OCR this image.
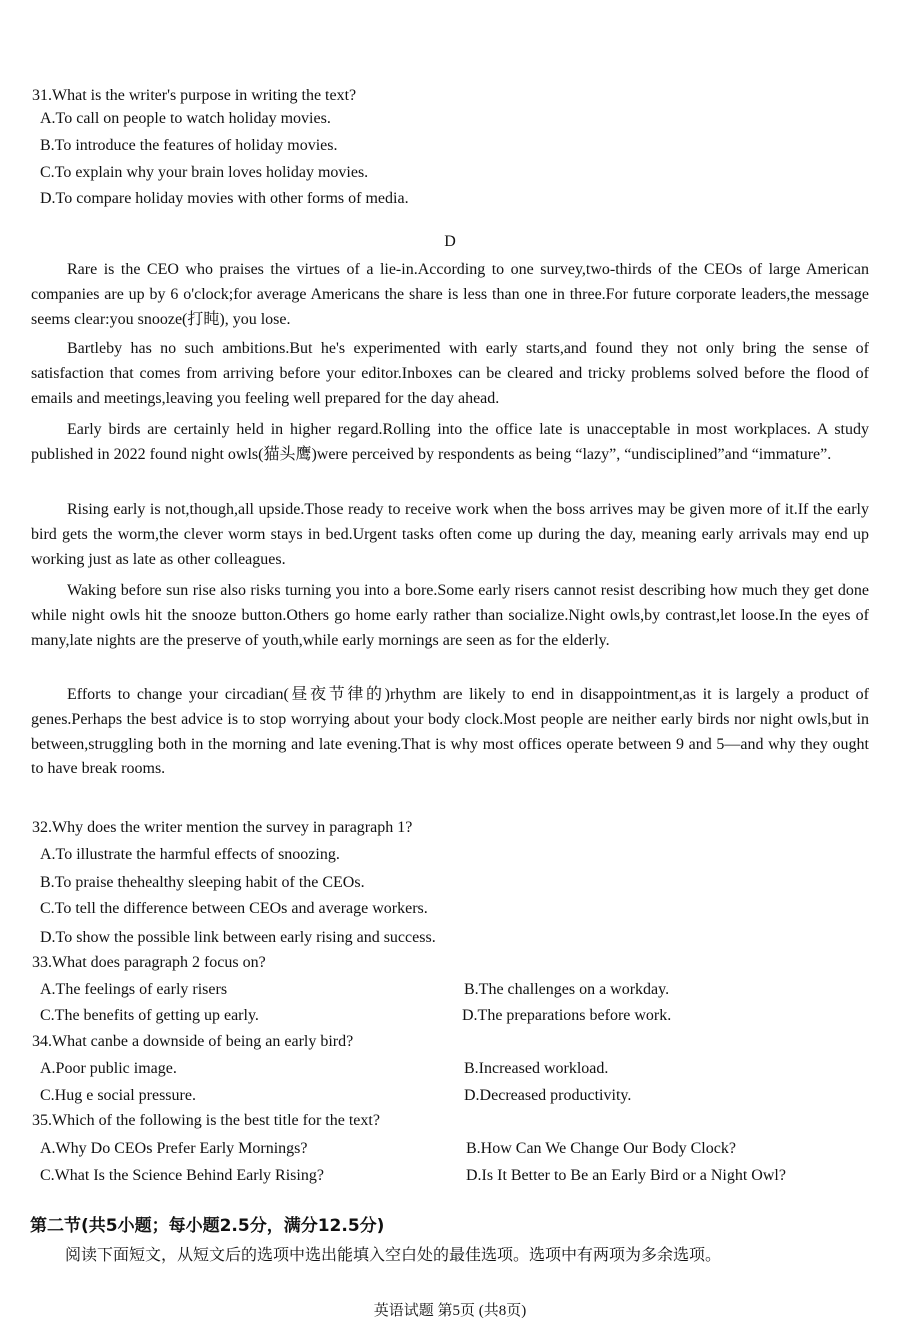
31.What is the writer's purpose in writing the text?
A.To call on people to watch holiday movies.
B.To introduce the features of holiday movies.
C.To explain why your brain loves holiday movies.
D.To compare holiday movies with other forms of media.
D

Rare is the CEO who praises the virtues of a lie-in.According to one survey,two-thirds of the CEOs of large American companies are up by 6 o'clock;for average Americans the share is less than one in three.For future corporate leaders,the message seems clear:you snooze(打盹), you lose.

Bartleby has no such ambitions.But he's experimented with early starts,and found they not only bring the sense of satisfaction that comes from arriving before your editor.Inboxes can be cleared and tricky problems solved before the flood of emails and meetings,leaving you feeling well prepared for the day ahead.

Early birds are certainly held in higher regard.Rolling into the office late is unacceptable in most workplaces. A study published in 2022 found night owls(猫头鹰)were perceived by respondents as being “lazy”, “undisciplined”and “immature”.

Rising early is not,though,all upside.Those ready to receive work when the boss arrives may be given more of it.If the early bird gets the worm,the clever worm stays in bed.Urgent tasks often come up during the day, meaning early arrivals may end up working just as late as other colleagues.

Waking before sun rise also risks turning you into a bore.Some early risers cannot resist describing how much they get done while night owls hit the snooze button.Others go home early rather than socialize.Night owls,by contrast,let loose.In the eyes of many,late nights are the preserve of youth,while early mornings are seen as for the elderly.

Efforts to change your circadian(昼夜节律的)rhythm are likely to end in disappointment,as it is largely a product of genes.Perhaps the best advice is to stop worrying about your body clock.Most people are neither early birds nor night owls,but in between,struggling both in the morning and late evening.That is why most offices operate between 9 and 5—and why they ought to have break rooms.

32.Why does the writer mention the survey in paragraph 1?
A.To illustrate the harmful effects of snoozing.
B.To praise thehealthy sleeping habit of the CEOs.
C.To tell the difference between CEOs and average workers.
D.To show the possible link between early rising and success.
33.What does paragraph 2 focus on?
A.The feelings of early risers	B.The challenges on a workday.
C.The benefits of getting up early.	D.The preparations before work.
34.What canbe a downside of being an early bird?
A.Poor public image.	B.Increased workload.
C.Hug e social pressure.	D.Decreased productivity.
35.Which of the following is the best title for the text?
A.Why Do CEOs Prefer Early Mornings?	B.How Can We Change Our Body Clock?
C.What Is the Science Behind Early Rising?	D.Is It Better to Be an Early Bird or a Night Owl?
第二节(共5小题；每小题2.5分，满分12.5分)
阅读下面短文，从短文后的选项中选出能填入空白处的最佳选项。选项中有两项为多余选项。
英语试题 第5页 (共8页)
